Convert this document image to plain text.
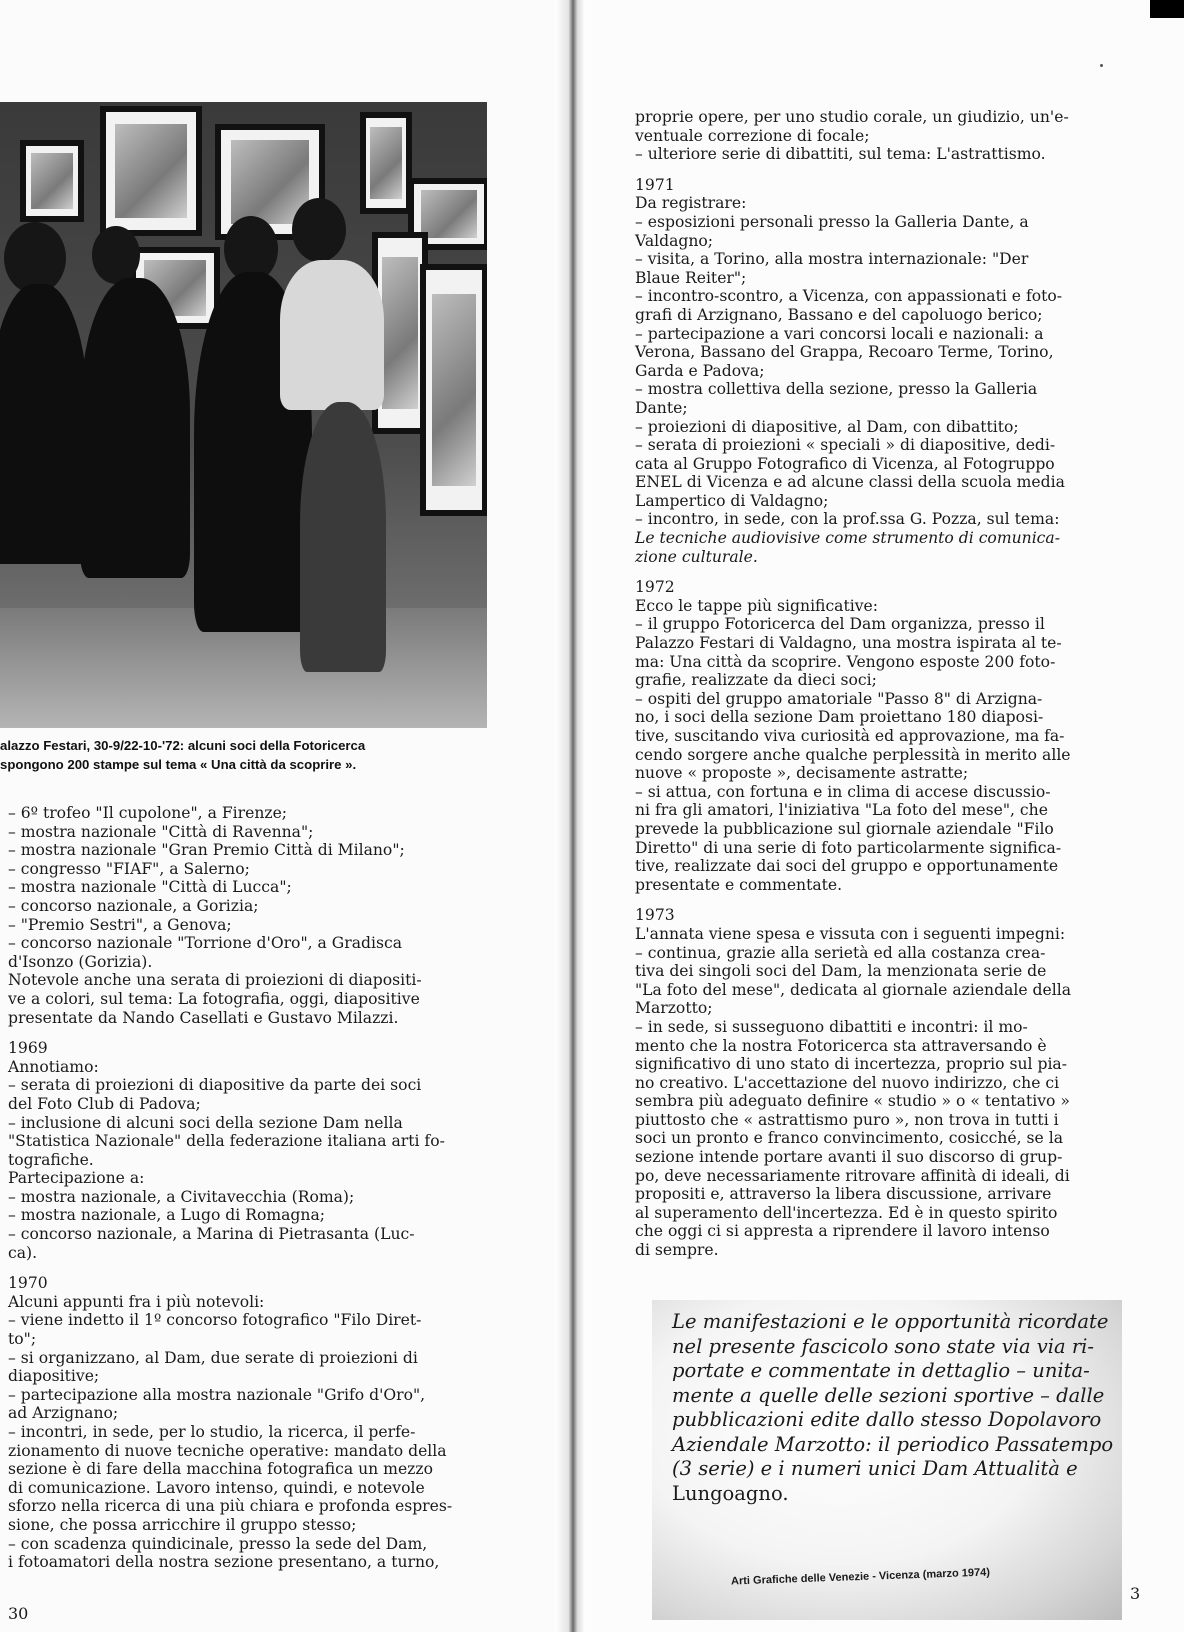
alazzo Festari, 30-9/22-10-'72: alcuni soci della Fotoricerca
spongono 200 stampe sul tema « Una città da scoprire ».

– 6º trofeo "Il cupolone", a Firenze;

– mostra nazionale "Città di Ravenna";

– mostra nazionale "Gran Premio Città di Milano";

– congresso "FIAF", a Salerno;

– mostra nazionale "Città di Lucca";

– concorso nazionale, a Gorizia;

– "Premio Sestri", a Genova;

– concorso nazionale "Torrione d'Oro", a Gradisca

d'Isonzo (Gorizia).

Notevole anche una serata di proiezioni di diapositi-

ve a colori, sul tema: La fotografia, oggi, diapositive

presentate da Nando Casellati e Gustavo Milazzi.

1969

Annotiamo:

– serata di proiezioni di diapositive da parte dei soci

del Foto Club di Padova;

– inclusione di alcuni soci della sezione Dam nella

"Statistica Nazionale" della federazione italiana arti fo-

tografiche.

Partecipazione a:

– mostra nazionale, a Civitavecchia (Roma);

– mostra nazionale, a Lugo di Romagna;

– concorso nazionale, a Marina di Pietrasanta (Luc-

ca).

1970

Alcuni appunti fra i più notevoli:

– viene indetto il 1º concorso fotografico "Filo Diret-

to";

– si organizzano, al Dam, due serate di proiezioni di

diapositive;

– partecipazione alla mostra nazionale "Grifo d'Oro",

ad Arzignano;

– incontri, in sede, per lo studio, la ricerca, il perfe-

zionamento di nuove tecniche operative: mandato della

sezione è di fare della macchina fotografica un mezzo

di comunicazione. Lavoro intenso, quindi, e notevole

sforzo nella ricerca di una più chiara e profonda espres-

sione, che possa arricchire il gruppo stesso;

– con scadenza quindicinale, presso la sede del Dam,

i fotoamatori della nostra sezione presentano, a turno,

30

proprie opere, per uno studio corale, un giudizio, un'e-

ventuale correzione di focale;

– ulteriore serie di dibattiti, sul tema: L'astrattismo.

1971

Da registrare:

– esposizioni personali presso la Galleria Dante, a

Valdagno;

– visita, a Torino, alla mostra internazionale: "Der

Blaue Reiter";

– incontro-scontro, a Vicenza, con appassionati e foto-

grafi di Arzignano, Bassano e del capoluogo berico;

– partecipazione a vari concorsi locali e nazionali: a

Verona, Bassano del Grappa, Recoaro Terme, Torino,

Garda e Padova;

– mostra collettiva della sezione, presso la Galleria

Dante;

– proiezioni di diapositive, al Dam, con dibattito;

– serata di proiezioni « speciali » di diapositive, dedi-

cata al Gruppo Fotografico di Vicenza, al Fotogruppo

ENEL di Vicenza e ad alcune classi della scuola media

Lampertico di Valdagno;

– incontro, in sede, con la prof.ssa G. Pozza, sul tema:

Le tecniche audiovisive come strumento di comunica-

zione culturale.

1972

Ecco le tappe più significative:

– il gruppo Fotoricerca del Dam organizza, presso il

Palazzo Festari di Valdagno, una mostra ispirata al te-

ma: Una città da scoprire. Vengono esposte 200 foto-

grafie, realizzate da dieci soci;

– ospiti del gruppo amatoriale "Passo 8" di Arzigna-

no, i soci della sezione Dam proiettano 180 diaposi-

tive, suscitando viva curiosità ed approvazione, ma fa-

cendo sorgere anche qualche perplessità in merito alle

nuove « proposte », decisamente astratte;

– si attua, con fortuna e in clima di accese discussio-

ni fra gli amatori, l'iniziativa "La foto del mese", che

prevede la pubblicazione sul giornale aziendale "Filo

Diretto" di una serie di foto particolarmente significa-

tive, realizzate dai soci del gruppo e opportunamente

presentate e commentate.

1973

L'annata viene spesa e vissuta con i seguenti impegni:

– continua, grazie alla serietà ed alla costanza crea-

tiva dei singoli soci del Dam, la menzionata serie de

"La foto del mese", dedicata al giornale aziendale della

Marzotto;

– in sede, si susseguono dibattiti e incontri: il mo-

mento che la nostra Fotoricerca sta attraversando è

significativo di uno stato di incertezza, proprio sul pia-

no creativo. L'accettazione del nuovo indirizzo, che ci

sembra più adeguato definire « studio » o « tentativo »

piuttosto che « astrattismo puro », non trova in tutti i

soci un pronto e franco convincimento, cosicché, se la

sezione intende portare avanti il suo discorso di grup-

po, deve necessariamente ritrovare affinità di ideali, di

propositi e, attraverso la libera discussione, arrivare

al superamento dell'incertezza. Ed è in questo spirito

che oggi ci si appresta a riprendere il lavoro intenso

di sempre.

3

Le manifestazioni e le opportunità ricordate

nel presente fascicolo sono state via via ri-

portate e commentate in dettaglio – unita-

mente a quelle delle sezioni sportive – dalle

pubblicazioni edite dallo stesso Dopolavoro

Aziendale Marzotto: il periodico Passatempo

(3 serie) e i numeri unici Dam Attualità e

Lungoagno.

Arti Grafiche delle Venezie - Vicenza (marzo 1974)
